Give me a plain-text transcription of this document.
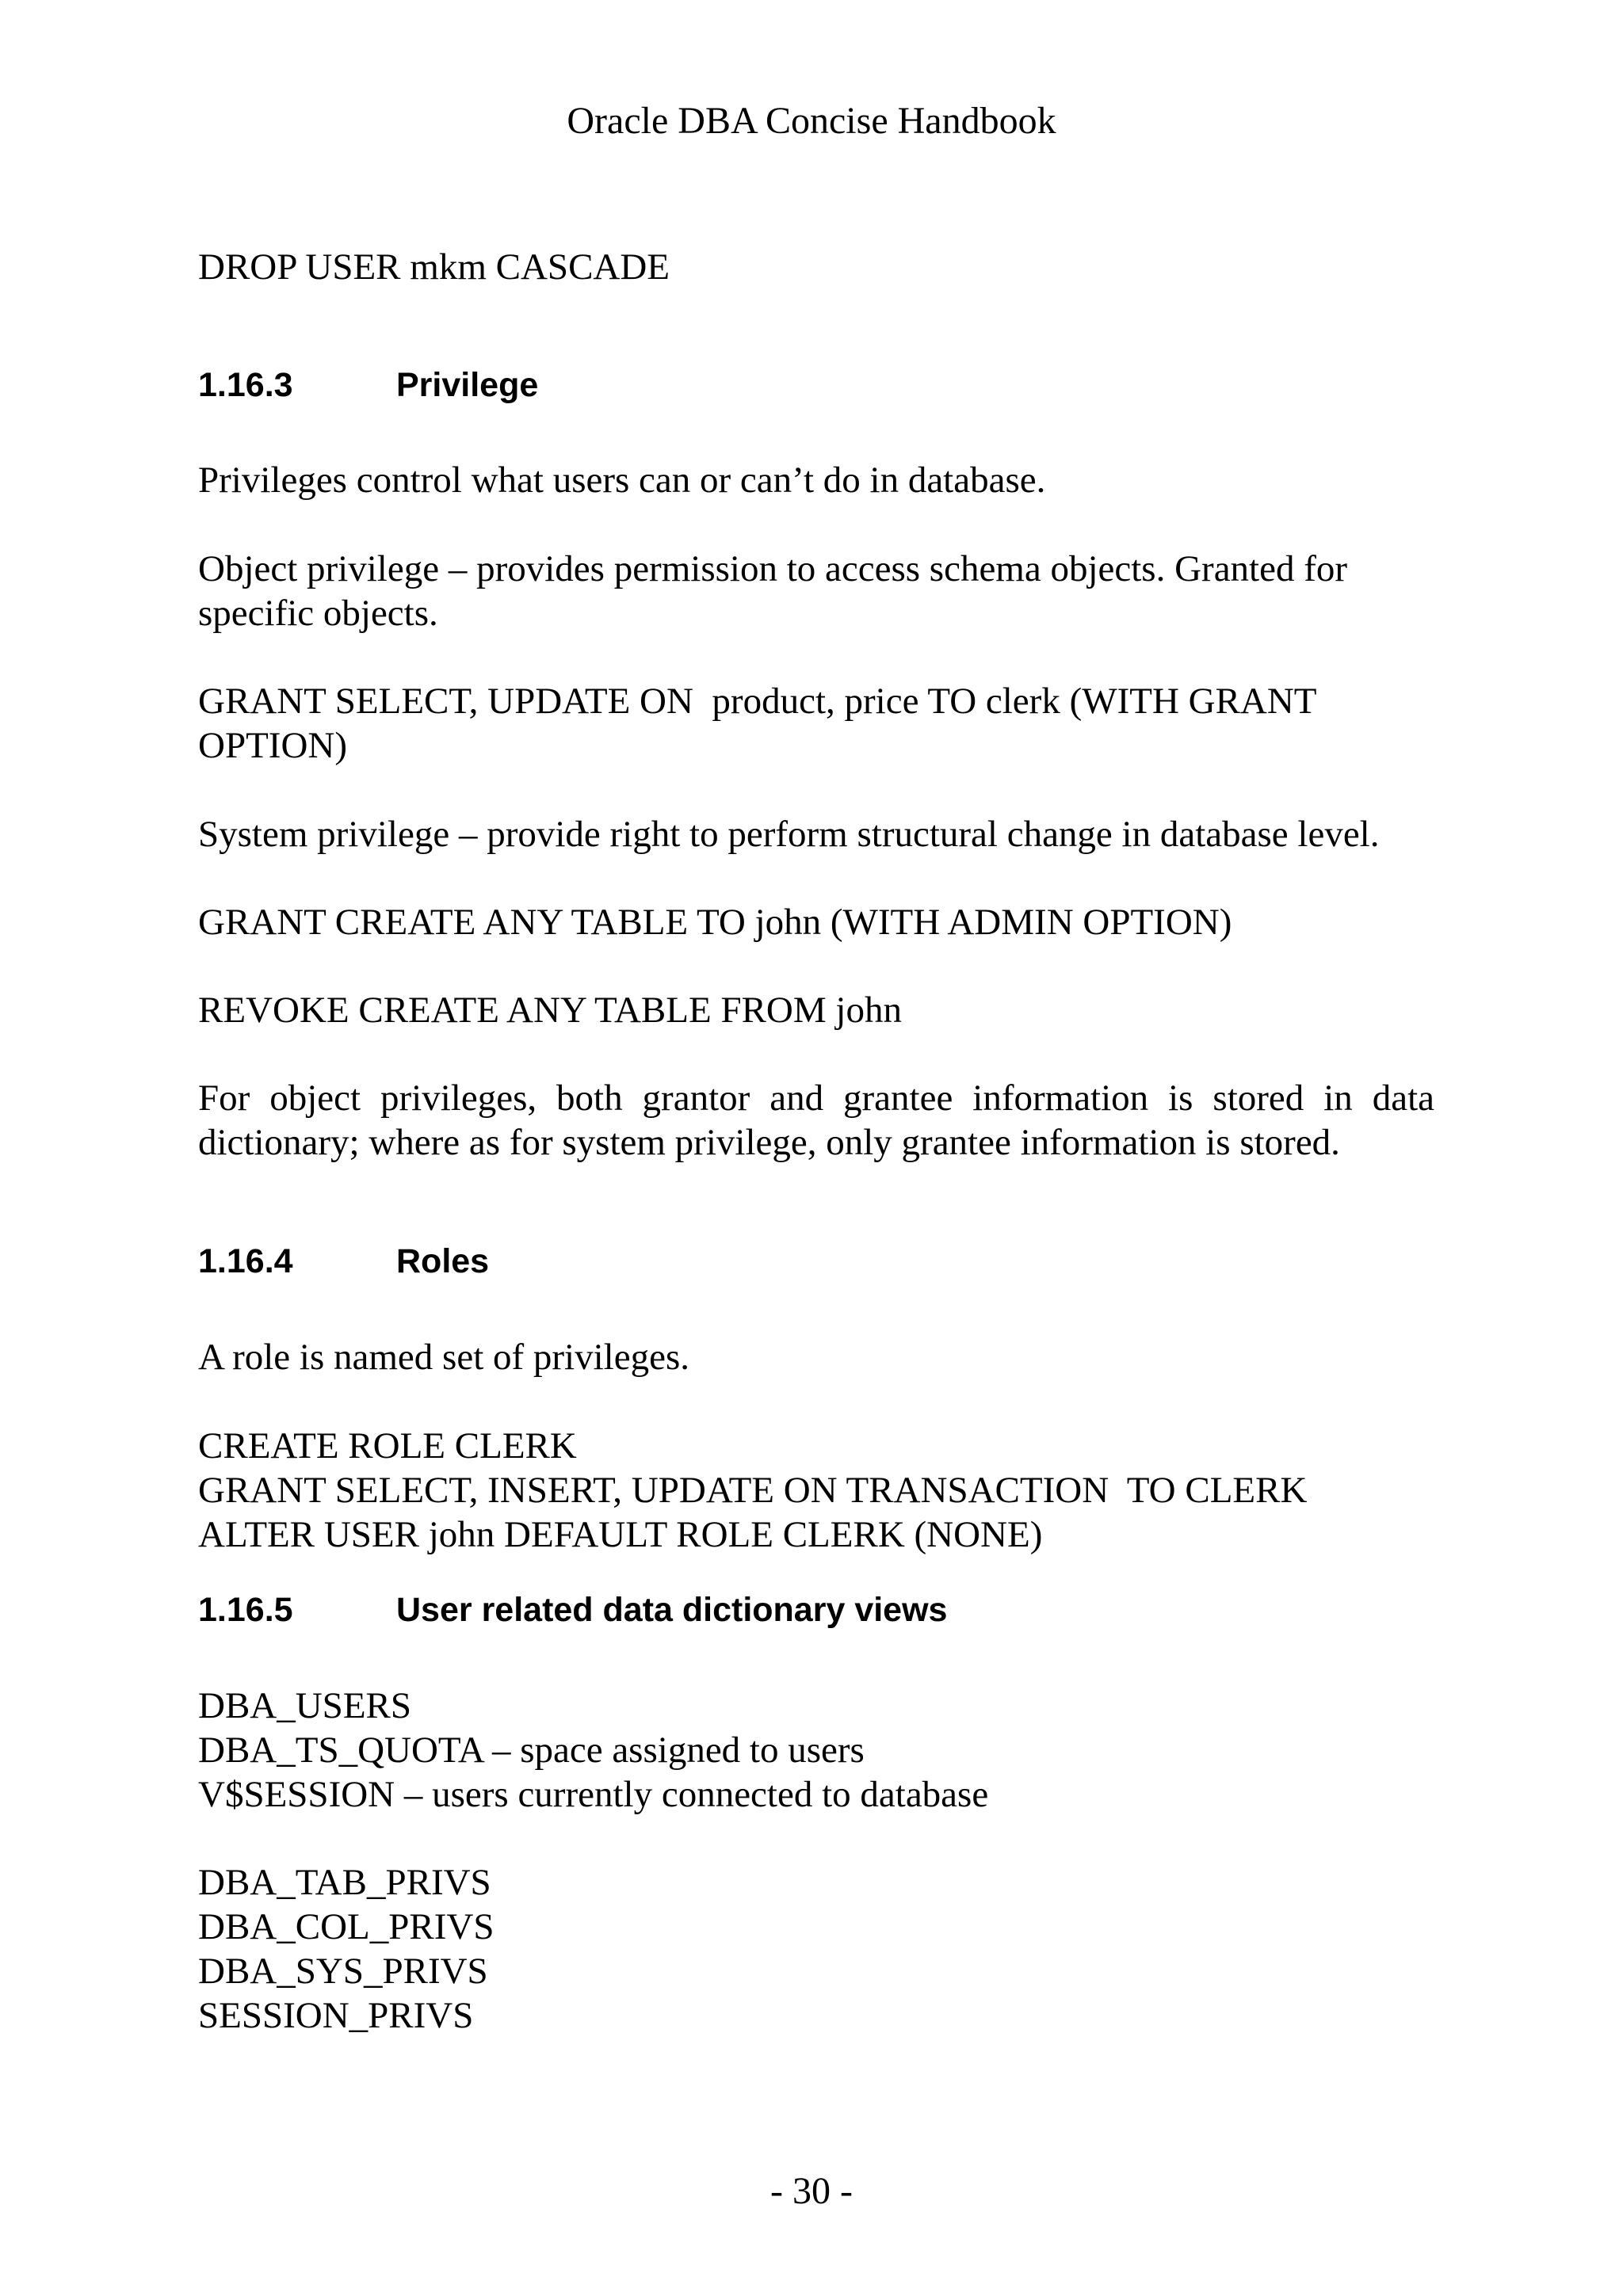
Oracle DBA Concise Handbook

DROP USER mkm CASCADE

1.16.3	Privilege

Privileges control what users can or can’t do in database.

Object privilege – provides permission to access schema objects. Granted for
specific objects.

GRANT SELECT, UPDATE ON  product, price TO clerk (WITH GRANT
OPTION)

System privilege – provide right to perform structural change in database level.

GRANT CREATE ANY TABLE TO john (WITH ADMIN OPTION)

REVOKE CREATE ANY TABLE FROM john

For object privileges, both grantor and grantee information is stored in data dictionary; where as for system privilege, only grantee information is stored.

1.16.4	Roles

A role is named set of privileges.

CREATE ROLE CLERK
GRANT SELECT, INSERT, UPDATE ON TRANSACTION  TO CLERK
ALTER USER john DEFAULT ROLE CLERK (NONE)

1.16.5	User related data dictionary views

DBA_USERS
DBA_TS_QUOTA – space assigned to users
V$SESSION – users currently connected to database

DBA_TAB_PRIVS
DBA_COL_PRIVS
DBA_SYS_PRIVS
SESSION_PRIVS

- 30 -
